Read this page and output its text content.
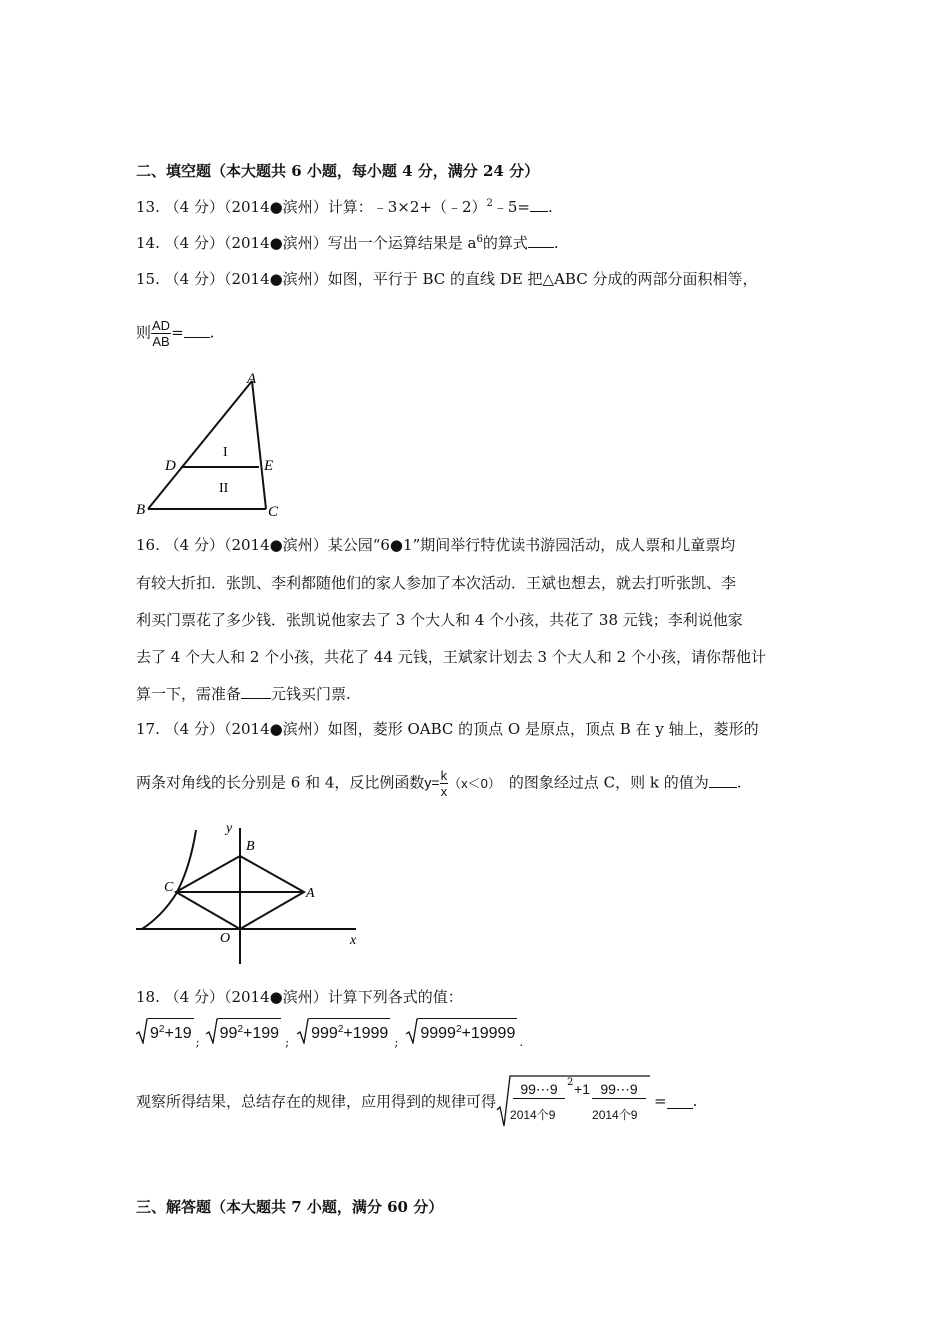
二、填空题（本大题共 6 小题，每小题 4 分，满分 24 分）
13. （4 分）（2014●滨州）计算：﹣3×2+（﹣2）$^2$﹣5= .
14. （4 分）（2014●滨州）写出一个运算结果是 $a^6$的算式 .
15. （4 分）（2014●滨州）如图，平行于 BC 的直线 DE 把△ABC 分成的两部分面积相等，
则 $\frac{AD}{AB}$ = .
A
B	C
D	E
I
II
16. （4 分）（2014●滨州）某公园“6●1”期间举行特优读书游园活动，成人票和儿童票均
有较大折扣．张凯、李利都随他们的家人参加了本次活动．王斌也想去，就去打听张凯、李
利买门票花了多少钱．张凯说他家去了 3 个大人和 4 个小孩，共花了 38 元钱；李利说他家
去了 4 个大人和 2 个小孩，共花了 44 元钱，王斌家计划去 3 个大人和 2 个小孩，请你帮他计
算一下，需准备 元钱买门票.
17. （4 分）（2014●滨州）如图，菱形 OABC 的顶点 O 是原点，顶点 B 在 y 轴上，菱形的
两条对角线的长分别是 6 和 4，反比例函数$y= \frac{k}{x} (x<0)$ 的图象经过点 C，则 k 的值为 .
y
x
O
A
B
C
18. （4 分）（2014●滨州）计算下列各式的值：
$9^2+19$ $_;$ $99^2+199$ $_;$ $999^2+1999$ $_;$ $9999^2+19999$ $_.$
观察所得结果，总结存在的规律，应用得到的规律可得
99⋯9 2 +1 99⋯9
2014个9	2014个9
= .
三、解答题（本大题共 7 小题，满分 60 分）
